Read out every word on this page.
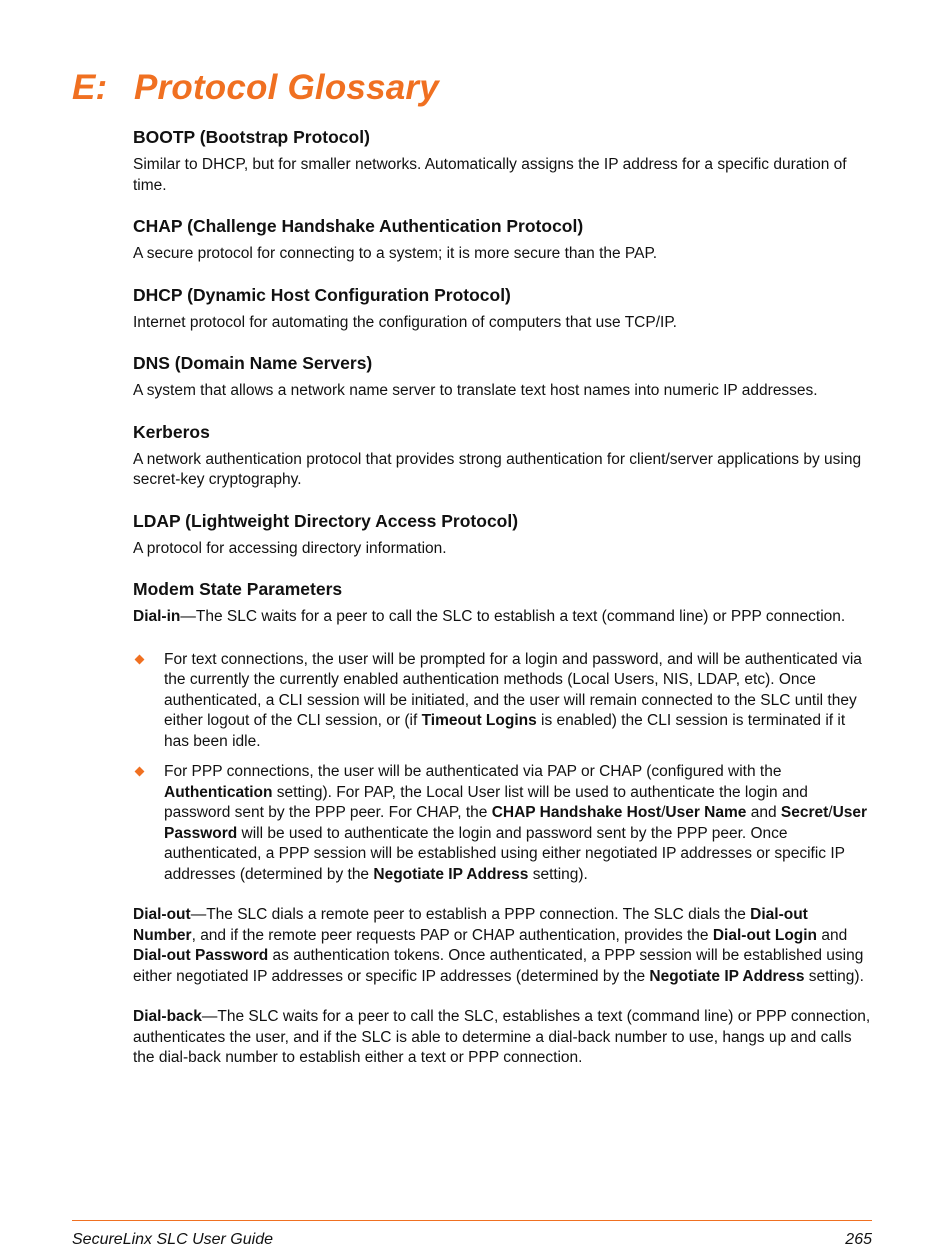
E: Protocol Glossary
BOOTP (Bootstrap Protocol)

Similar to DHCP, but for smaller networks. Automatically assigns the IP address for a specific duration of time.

CHAP (Challenge Handshake Authentication Protocol)

A secure protocol for connecting to a system; it is more secure than the PAP.

DHCP (Dynamic Host Configuration Protocol)

Internet protocol for automating the configuration of computers that use TCP/IP.

DNS (Domain Name Servers)

A system that allows a network name server to translate text host names into numeric IP addresses.

Kerberos

A network authentication protocol that provides strong authentication for client/server applications by using secret-key cryptography.

LDAP (Lightweight Directory Access Protocol)

A protocol for accessing directory information.

Modem State Parameters

Dial-in—The SLC waits for a peer to call the SLC to establish a text (command line) or PPP connection.

For text connections, the user will be prompted for a login and password, and will be authenticated via the currently the currently enabled authentication methods (Local Users, NIS, LDAP, etc). Once authenticated, a CLI session will be initiated, and the user will remain connected to the SLC until they either logout of the CLI session, or (if Timeout Logins is enabled) the CLI session is terminated if it has been idle.
For PPP connections, the user will be authenticated via PAP or CHAP (configured with the Authentication setting). For PAP, the Local User list will be used to authenticate the login and password sent by the PPP peer. For CHAP, the CHAP Handshake Host/User Name and Secret/User Password will be used to authenticate the login and password sent by the PPP peer. Once authenticated, a PPP session will be established using either negotiated IP addresses or specific IP addresses (determined by the Negotiate IP Address setting).

Dial-out—The SLC dials a remote peer to establish a PPP connection. The SLC dials the Dial-out Number, and if the remote peer requests PAP or CHAP authentication, provides the Dial-out Login and Dial-out Password as authentication tokens. Once authenticated, a PPP session will be established using either negotiated IP addresses or specific IP addresses (determined by the Negotiate IP Address setting).

Dial-back—The SLC waits for a peer to call the SLC, establishes a text (command line) or PPP connection, authenticates the user, and if the SLC is able to determine a dial-back number to use, hangs up and calls the dial-back number to establish either a text or PPP connection.

SecureLinx SLC User Guide	265
